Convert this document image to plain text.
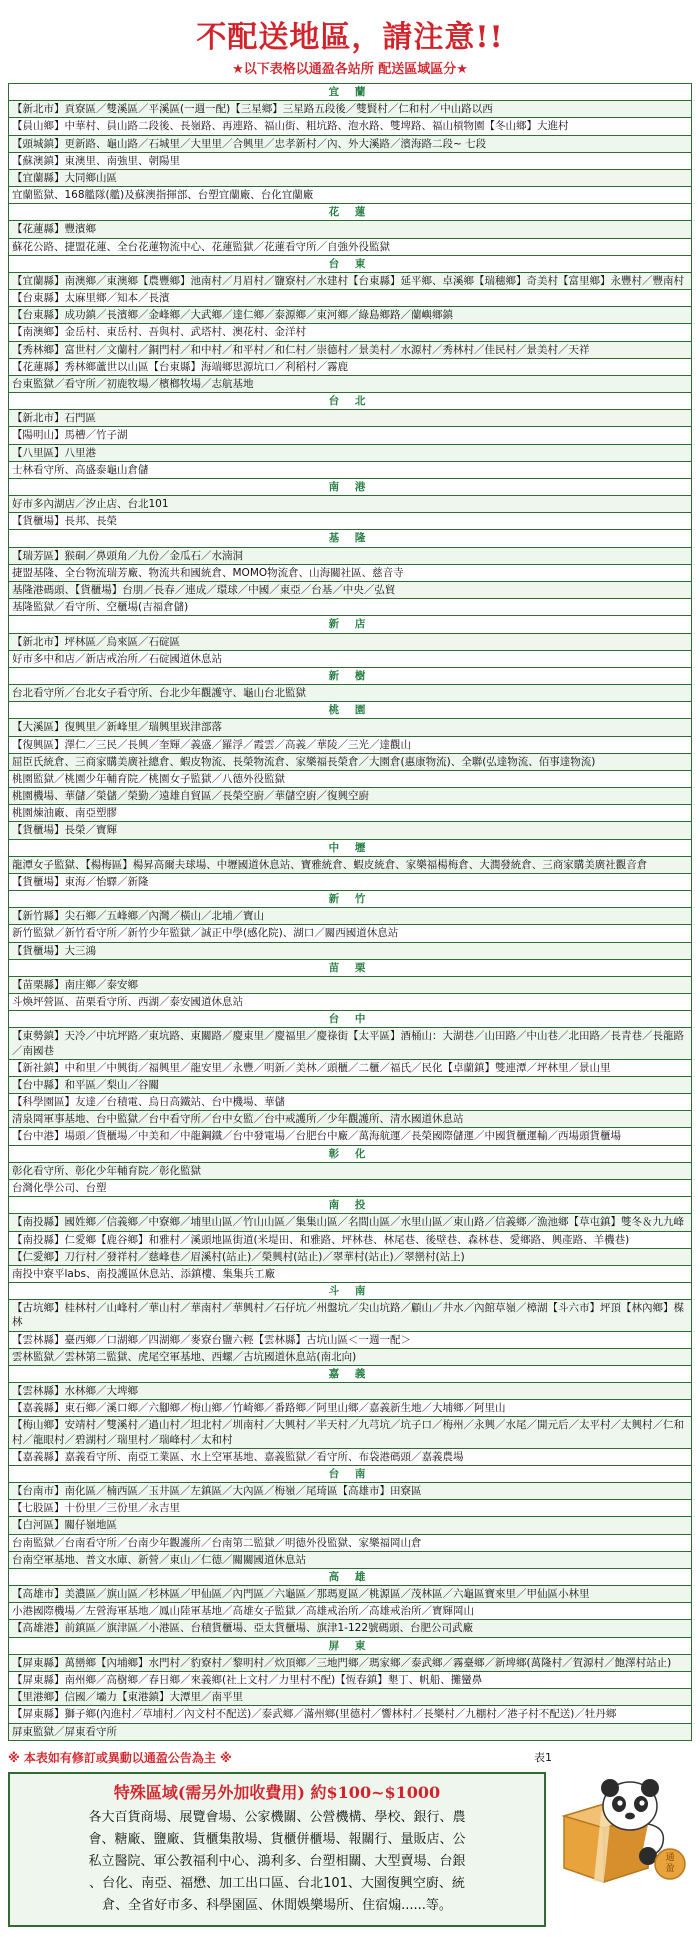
不配送地區，請注意!!
★以下表格以通盈各站所 配送區域區分★
宜 蘭
【新北市】貢寮區／雙溪區／平溪區(一週一配)【三星鄉】三星路五段後／雙賢村／仁和村／中山路以西
【員山鄉】中華村、員山路二段後、長嶺路、再連路、福山街、粗坑路、泡水路、雙埤路、福山槓物園【冬山鄉】大進村
【頭城鎮】更新路、龜山路／石城里／大里里／合興里／忠孝新村／內、外大溪路／濱海路二段~ 七段
【蘇澳鎮】東澳里、南強里、朝陽里
【宜蘭縣】大同鄉山區
宜蘭監獄、168艦隊(艦)及蘇澳指揮部、台塑宜蘭廠、台化宜蘭廠
花 蓮
【花蓮縣】豐濱鄉
蘇花公路、捷盟花蓮、全台花蓮物流中心、花蓮監獄／花蓮看守所／自強外役監獄
台 東
【宜蘭縣】南澳鄉／東澳鄉【農豐鄉】池南村／月眉村／鹽寮村／水建村【台東縣】延平鄉、卓溪鄉【瑞穗鄉】奇美村【富里鄉】永豐村／豐南村
【台東縣】太麻里鄉／知本／長濱
【台東縣】成功鎮／長濱鄉／金峰鄉／大武鄉／達仁鄉／泰源鄉／東河鄉／綠島鄉路／蘭嶼鄉鎮
【南澳鄉】金岳村、東岳村、吾與村、武塔村、澳花村、金洋村
【秀林鄉】富世村／文蘭村／銅門村／和中村／和平村／和仁村／崇德村／景美村／水源村／秀林村／佳民村／景美村／天祥
【花蓮縣】秀林鄉蘆世以山區【台東縣】海端鄉思源坑口／利稻村／霧鹿
台東監獄／看守所／初鹿牧場／檳榔牧場／志航基地
台 北
【新北市】石門區
【陽明山】馬槽／竹子湖
【八里區】八里港
士林看守所、高盛泰龜山倉儲
南 港
好市多內湖店／汐止店、台北101
【貨櫃場】長邦、長榮
基 隆
【瑞芳區】猴硐／鼻頭角／九份／金瓜石／水湳洞
捷盟基隆、全台物流瑞芳廠、物流共和國統倉、MOMO物流倉、山海關社區、慈音寺
基隆港碼頭、【貨櫃場】台朋／長春／連成／環球／中國／東亞／台基／中央／弘貿
基隆監獄／看守所、空櫃場(吉福倉儲)
新 店
【新北市】坪林區／烏來區／石碇區
好市多中和店／新店戒治所／石碇國道休息站
新 樹
台北看守所／台北女子看守所、台北少年觀護守、龜山台北監獄
桃 園
【大溪區】復興里／新峰里／瑞興里崁津部落
【復興區】澤仁／三民／長興／奎輝／義盛／羅浮／霞雲／高義／華陵／三光／達觀山
屈臣氏統倉、三商家購美廣社總倉、蝦皮物流、長榮物流倉、家樂福長榮倉／大園倉(惠康物流)、全聯(弘達物流、佰事達物流)
桃園監獄／桃園少年輔育院／桃園女子監獄／八德外役監獄
桃園機場、華儲／榮儲／榮勤／遠雄自貿區／長榮空廚／華儲空廚／復興空廚
桃園煉油廠、南亞塑膠
【貨櫃場】長榮／寶輝
中 壢
龍潭女子監獄、【楊梅區】楊昇高爾夫球場、中壢國道休息站、寶雅統倉、蝦皮統倉、家樂福楊梅倉、大潤發統倉、三商家購美廣社觀音倉
【貨櫃場】東海／怡驛／新隆
新 竹
【新竹縣】尖石鄉／五峰鄉／內灣／橫山／北埔／寶山
新竹監獄／新竹看守所／新竹少年監獄／誠正中學(感化院)、湖口／關西國道休息站
【貨櫃場】大三鴻
苗 栗
【苗栗縣】南庄鄉／泰安鄉
斗煥坪營區、苗栗看守所、西湖／泰安國道休息站
台 中
【東勢鎮】天冷／中坑坪路／東坑路、東關路／慶東里／慶福里／慶祿街【太平區】酒桶山：大湖巷／山田路／中山巷／北田路／長青巷／長龍路／南國巷
【新社鎮】中和里／中興街／福興里／龍安里／永豐／明新／美林／頭櫃／二櫃／福氏／民化【卓蘭鎮】雙連潭／坪林里／景山里
【台中縣】和平區／梨山／谷關
【科學園區】友達／台積電、烏日高鐵站、台中機場、華儲
清泉岡軍事基地、台中監獄／台中看守所／台中女監／台中戒護所／少年觀護所、清水國道休息站
【台中港】場頭／貨櫃場／中美和／中龍鋼鐵／台中發電場／台肥台中廠／萬海航運／長榮國際儲運／中國貨櫃運輸／西場頭貨櫃場
彰 化
彰化看守所、彰化少年輔育院／彰化監獄
台灣化學公司、台塑
南 投
【南投縣】國姓鄉／信義鄉／中寮鄉／埔里山區／竹山山區／集集山區／名間山區／水里山區／東山路／信義鄉／漁池鄉【草屯鎮】雙冬＆九九峰
【南投縣】仁愛鄉【鹿谷鄉】和雅村／溪頭地區街道(米堤田、和雅路、坪林巷、林尾巷、後壁巷、森林巷、愛鄉路、興產路、羊機巷)
【仁愛鄉】刀行村／發祥村／慈峰巷／眉溪村(站止)／榮興村(站止)／翠華村(站止)／翠巒村(站上)
南投中寮平labs、南投護區休息站、添鎮樓、集集兵工廠
斗 南
【古坑鄉】桂林村／山峰村／華山村／華南村／華興村／石仔坑／州盤坑／尖山坑路／顧山／井水／內館草嶺／樟湖【斗六市】坪頂【林內鄉】楳林
【雲林縣】臺西鄉／口湖鄉／四湖鄉／麥寮台鹽六輕【雲林縣】古坑山區＜一週一配＞
雲林監獄／雲林第二監獄、虎尾空軍基地、西螺／古坑國道休息站(南北向)
嘉 義
【雲林縣】水林鄉／大埤鄉
【嘉義縣】東石鄉／溪口鄉／六腳鄉／梅山鄉／竹崎鄉／番路鄉／阿里山鄉／嘉義新生地／大埔鄉／阿里山
【梅山鄉】安靖村／雙溪村／過山村／坦北村／圳南村／大興村／半天村／九芎坑／坑子口／梅州／永興／水尾／開元后／太平村／太興村／仁和村／龍眼村／碧湖村／瑞里村／瑞峰村／太和村
【嘉義縣】嘉義看守所、南亞工業區、水上空軍基地、嘉義監獄／看守所、布袋港碼頭／嘉義農場
台 南
【台南市】南化區／楠西區／玉井區／左鎮區／大內區／梅嶺／尾琦區【高雄市】田寮區
【七股區】十份里／三份里／永吉里
【白河區】關仔嶺地區
台南監獄／台南看守所／台南少年觀護所／台南第二監獄／明德外役監獄、家樂福岡山倉
台南空軍基地、普文水庫、新營／東山／仁德／關關國道休息站
高 雄
【高雄市】美濃區／旗山區／杉林區／甲仙區／內門區／六龜區／那瑪夏區／桃源區／茂林區／六龜區寶來里／甲仙區小林里
小港國際機場／左營海軍基地／鳳山陸軍基地／高雄女子監獄／高雄戒治所／高雄戒治所／寶輝岡山
【高雄港】前鎮區／旗津區／小港區、台積貨櫃場、亞太貨櫃場、旗津1-122號碼頭、台肥公司武廠
屏 東
【屏東縣】萬巒鄉【內埔鄉】水門村／豹寮村／黎明村／炊頂鄉／三地門鄉／瑪家鄉／泰武鄉／霧臺鄉／新埤鄉(萬隆村／賀源村／飽澤村站止)
【屏東縣】南州鄉／高樹鄉／春日鄉／來義鄉(社上文村／力里村不配)【恆春鎮】墾丁、帆船、攤蠻鼻
【里港鄉】信國／壩力【東港鎮】大潭里／南平里
【屏東縣】獅子鄉(內進村／草埔村／內文村不配送)／泰武鄉／滿州鄉(里德村／響林村／長樂村／九棚村／港子村不配送)／牡丹鄉
屏東監獄／屏東看守所
※ 本表如有修訂或異動以通盈公告為主 ※	表1
特殊區域(需另外加收費用) 約$100~$1000
各大百貨商場、展覽會場、公家機關、公營機構、學校、銀行、農
會、糖廠、鹽廠、貨櫃集散場、貨櫃併櫃場、報關行、量販店、公
私立醫院、軍公教福利中心、鴻利多、台塑相關、大型賣場、台銀
、台化、南亞、福懋、加工出口區、台北101、大園復興空廚、統
倉、全省好市多、科學園區、休閒娛樂場所、住宿煽......等。
通
盈
